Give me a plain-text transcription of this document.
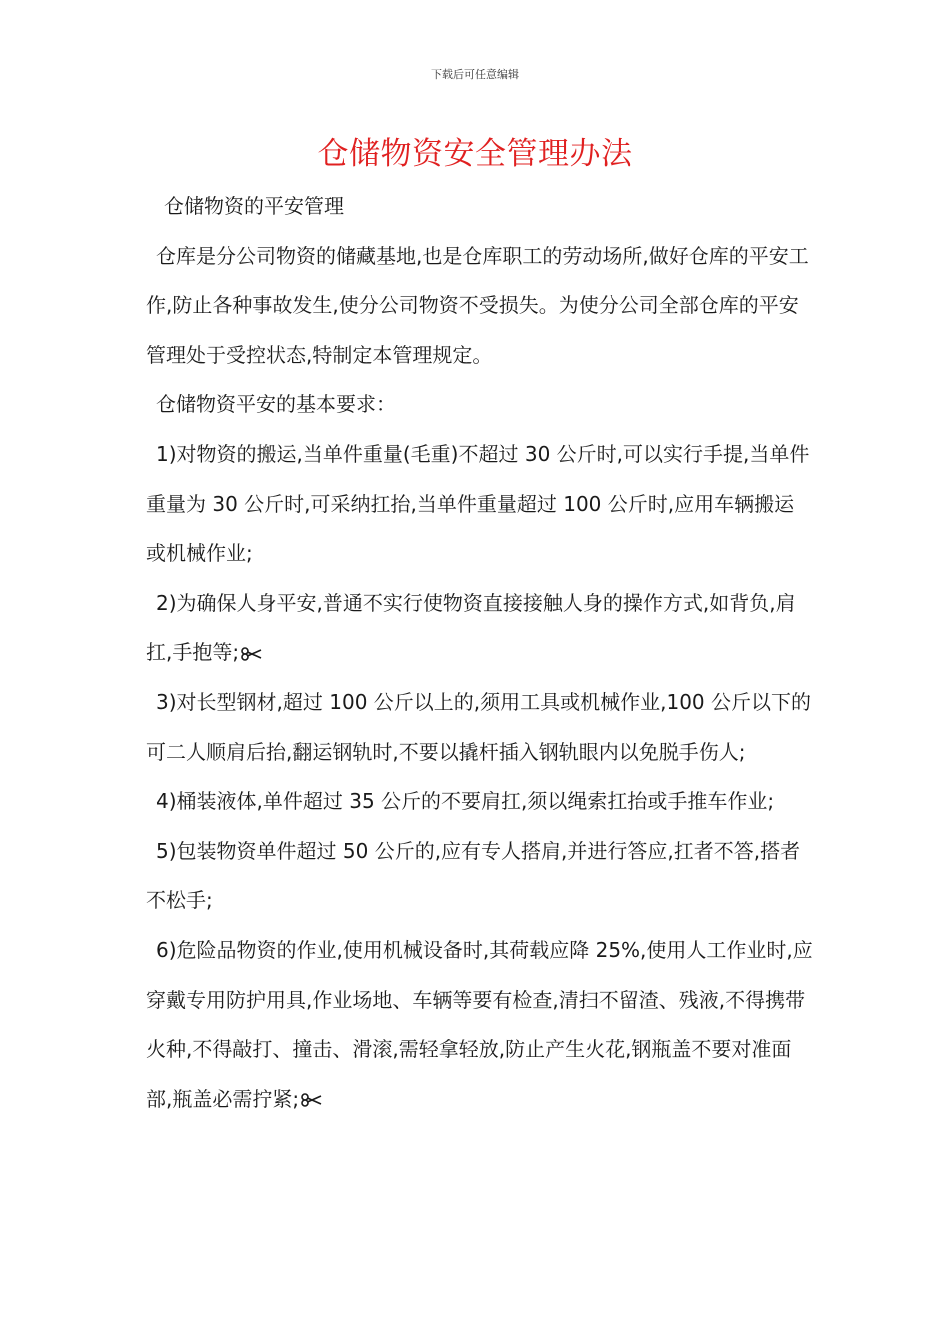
下载后可任意编辑
仓储物资安全管理办法

仓储物资的平安管理

仓库是分公司物资的储藏基地,也是仓库职工的劳动场所,做好仓库的平安工作,防止各种事故发生,使分公司物资不受损失。为使分公司全部仓库的平安管理处于受控状态,特制定本管理规定。

仓储物资平安的基本要求：

1)对物资的搬运,当单件重量(毛重)不超过 30 公斤时,可以实行手提,当单件重量为 30 公斤时,可采纳扛抬,当单件重量超过 100 公斤时,应用车辆搬运或机械作业;

2)为确保人身平安,普通不实行使物资直接接触人身的操作方式,如背负,肩扛,手抱等;

3)对长型钢材,超过 100 公斤以上的,须用工具或机械作业,100 公斤以下的可二人顺肩后抬,翻运钢轨时,不要以撬杆插入钢轨眼内以免脱手伤人;

4)桶装液体,单件超过 35 公斤的不要肩扛,须以绳索扛抬或手推车作业;

5)包装物资单件超过 50 公斤的,应有专人搭肩,并进行答应,扛者不答,搭者不松手;

6)危险品物资的作业,使用机械设备时,其荷载应降 25%,使用人工作业时,应穿戴专用防护用具,作业场地、车辆等要有检查,清扫不留渣、残液,不得携带火种,不得敲打、撞击、滑滚,需轻拿轻放,防止产生火花,钢瓶盖不要对准面部,瓶盖必需拧紧;
